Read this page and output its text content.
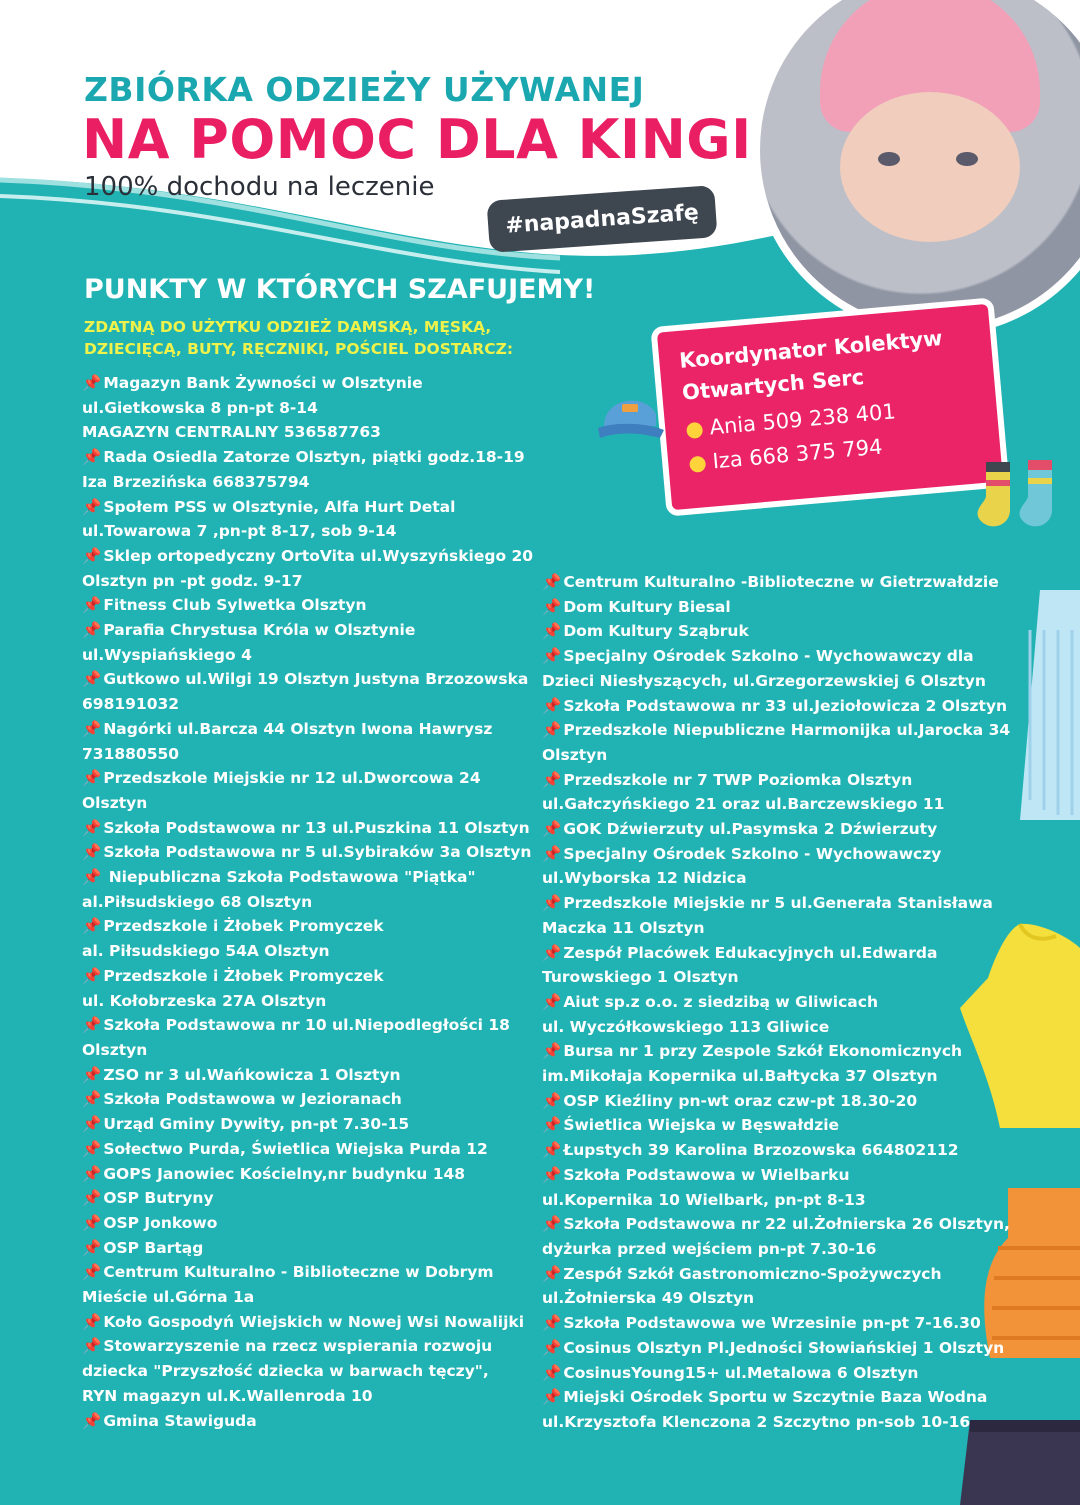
ZBIÓRKA ODZIEŻY UŻYWANEJ
NA POMOC DLA KINGI
100% dochodu na leczenie
#napadnaSzafę
PUNKTY W KTÓRYCH SZAFUJEMY!
ZDATNĄ DO UŻYTKU ODZIEŻ DAMSKĄ, MĘSKĄ,
DZIECIĘCĄ, BUTY, RĘCZNIKI, POŚCIEL DOSTARCZ:	Koordynator Kolektyw
Otwartych Serc
● Ania 509 238 401
● Iza 668 375 794
📌 Magazyn Bank Żywności w Olsztynie
ul.Gietkowska 8 pn-pt 8-14
MAGAZYN CENTRALNY 536587763
📌 Rada Osiedla Zatorze Olsztyn, piątki godz.18-19
Iza Brzezińska 668375794
📌 Społem PSS w Olsztynie, Alfa Hurt Detal
ul.Towarowa 7 ,pn-pt 8-17, sob 9-14
📌 Sklep ortopedyczny OrtoVita ul.Wyszyńskiego 20
Olsztyn pn -pt godz. 9-17
📌 Fitness Club Sylwetka Olsztyn
📌 Parafia Chrystusa Króla w Olsztynie
ul.Wyspiańskiego 4
📌 Gutkowo ul.Wilgi 19 Olsztyn Justyna Brzozowska
698191032
📌 Nagórki ul.Barcza 44 Olsztyn Iwona Hawrysz
731880550
📌 Przedszkole Miejskie nr 12 ul.Dworcowa 24
Olsztyn
📌 Szkoła Podstawowa nr 13 ul.Puszkina 11 Olsztyn
📌 Szkoła Podstawowa nr 5 ul.Sybiraków 3a Olsztyn
📌 Niepubliczna Szkoła Podstawowa "Piątka"
al.Piłsudskiego 68 Olsztyn
📌 Przedszkole i Żłobek Promyczek
al. Piłsudskiego 54A Olsztyn
📌 Przedszkole i Żłobek Promyczek
ul. Kołobrzeska 27A Olsztyn
📌 Szkoła Podstawowa nr 10 ul.Niepodległości 18
Olsztyn
📌 ZSO nr 3 ul.Wańkowicza 1 Olsztyn
📌 Szkoła Podstawowa w Jezioranach
📌 Urząd Gminy Dywity, pn-pt 7.30-15
📌 Sołectwo Purda, Świetlica Wiejska Purda 12
📌 GOPS Janowiec Kościelny,nr budynku 148
📌 OSP Butryny
📌 OSP Jonkowo
📌 OSP Bartąg
📌 Centrum Kulturalno - Biblioteczne w Dobrym
Mieście ul.Górna 1a
📌 Koło Gospodyń Wiejskich w Nowej Wsi Nowalijki
📌 Stowarzyszenie na rzecz wspierania rozwoju
dziecka "Przyszłość dziecka w barwach tęczy",
RYN magazyn ul.K.Wallenroda 10
📌 Gmina Stawiguda
📌 Centrum Kulturalno -Biblioteczne w Gietrzwałdzie
📌 Dom Kultury Biesal
📌 Dom Kultury Sząbruk
📌 Specjalny Ośrodek Szkolno - Wychowawczy dla
Dzieci Niesłyszących, ul.Grzegorzewskiej 6 Olsztyn
📌 Szkoła Podstawowa nr 33 ul.Jeziołowicza 2 Olsztyn
📌 Przedszkole Niepubliczne Harmonijka ul.Jarocka 34
Olsztyn
📌 Przedszkole nr 7 TWP Poziomka Olsztyn
ul.Gałczyńskiego 21 oraz ul.Barczewskiego 11
📌 GOK Dźwierzuty ul.Pasymska 2 Dźwierzuty
📌 Specjalny Ośrodek Szkolno - Wychowawczy
ul.Wyborska 12 Nidzica
📌 Przedszkole Miejskie nr 5 ul.Generała Stanisława
Maczka 11 Olsztyn
📌 Zespół Placówek Edukacyjnych ul.Edwarda
Turowskiego 1 Olsztyn
📌 Aiut sp.z o.o. z siedzibą w Gliwicach
ul. Wyczółkowskiego 113 Gliwice
📌 Bursa nr 1 przy Zespole Szkół Ekonomicznych
im.Mikołaja Kopernika ul.Bałtycka 37 Olsztyn
📌 OSP Kieźliny pn-wt oraz czw-pt 18.30-20
📌 Świetlica Wiejska w Bęswałdzie
📌 Łupstych 39 Karolina Brzozowska 664802112
📌 Szkoła Podstawowa w Wielbarku
ul.Kopernika 10 Wielbark, pn-pt 8-13
📌 Szkoła Podstawowa nr 22 ul.Żołnierska 26 Olsztyn,
dyżurka przed wejściem pn-pt 7.30-16
📌 Zespół Szkół Gastronomiczno-Spożywczych
ul.Żołnierska 49 Olsztyn
📌 Szkoła Podstawowa we Wrzesinie pn-pt 7-16.30
📌 Cosinus Olsztyn Pl.Jedności Słowiańskiej 1 Olsztyn
📌 CosinusYoung15+ ul.Metalowa 6 Olsztyn
📌 Miejski Ośrodek Sportu w Szczytnie Baza Wodna
ul.Krzysztofa Klenczona 2 Szczytno pn-sob 10-16
